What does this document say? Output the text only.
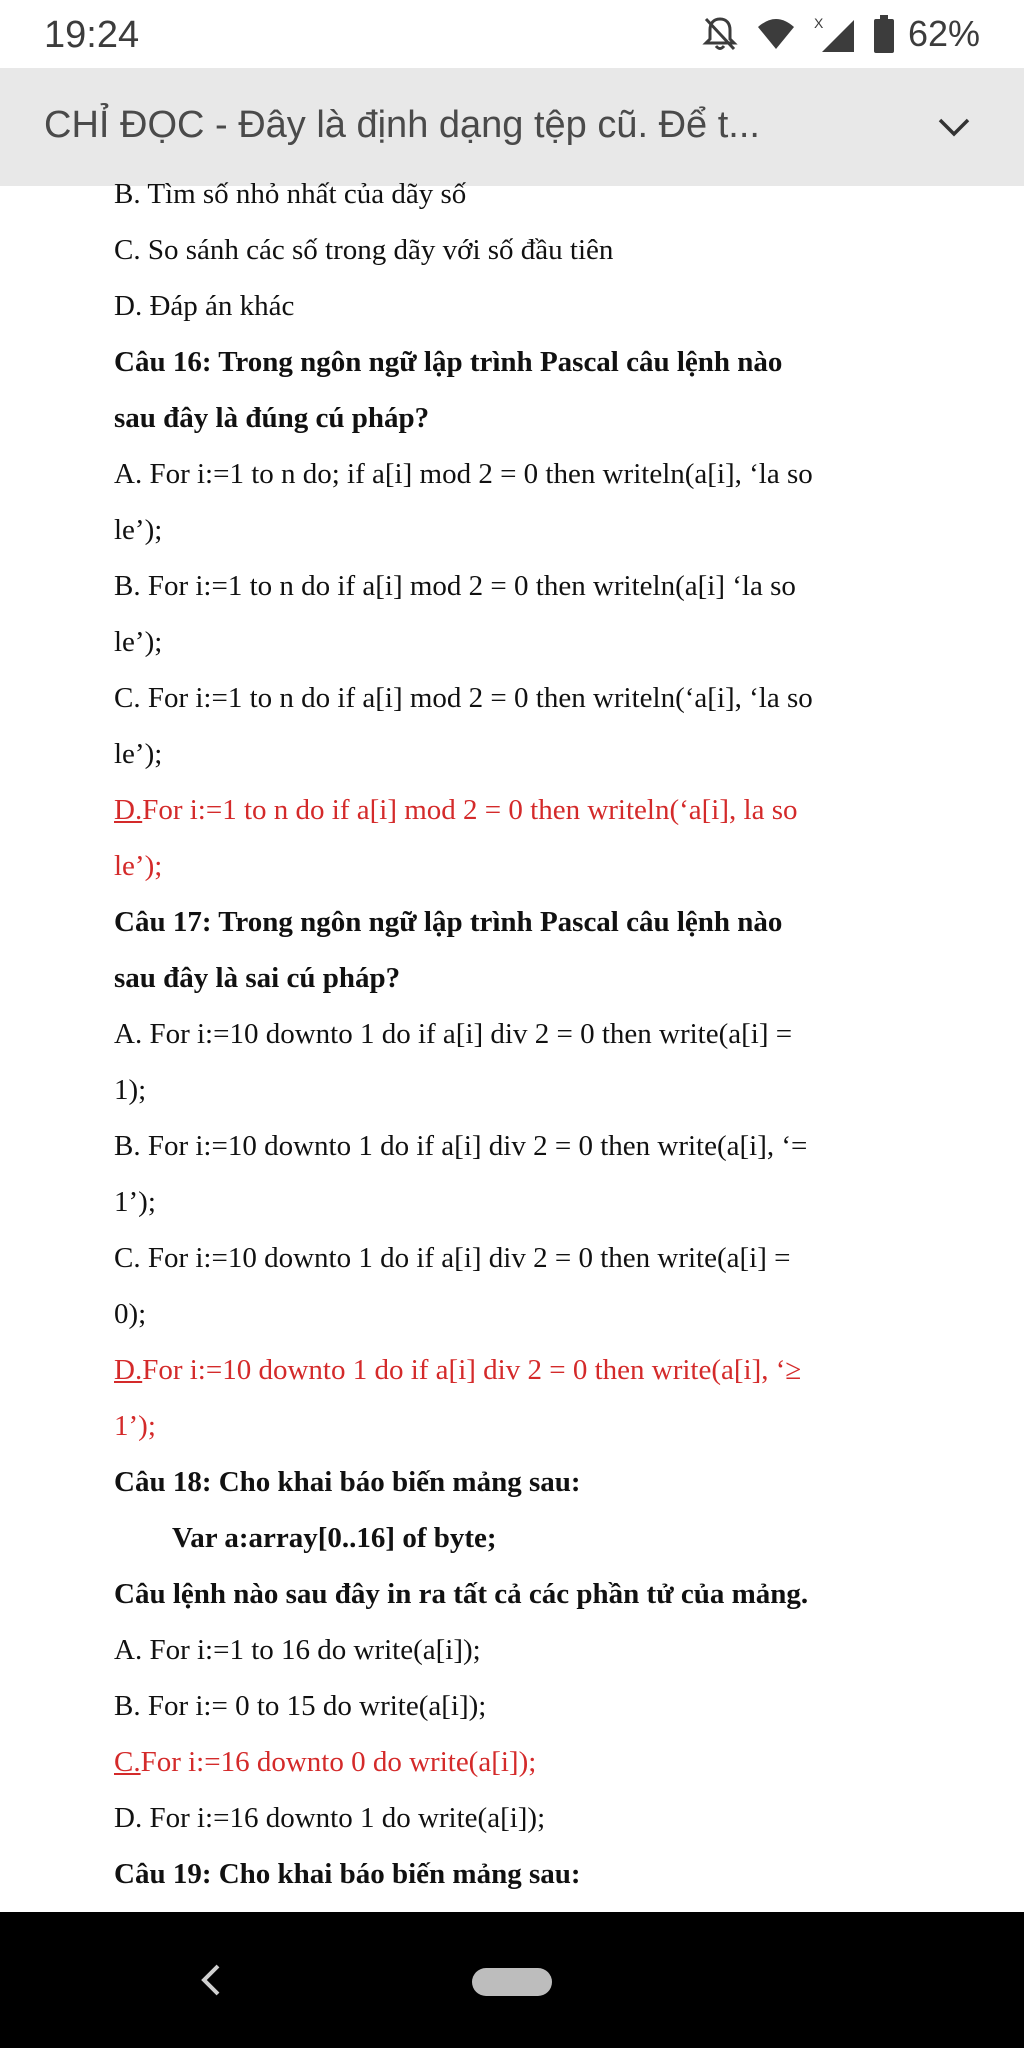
19:24	X 62%
CHỈ ĐỌC - Đây là định dạng tệp cũ. Để t...
B. Tìm số nhỏ nhất của dãy số
C. So sánh các số trong dãy với số đầu tiên
D. Đáp án khác
Câu 16: Trong ngôn ngữ lập trình Pascal câu lệnh nào
sau đây là đúng cú pháp?
A. For i:=1 to n do; if a[i] mod 2 = 0 then writeln(a[i], ‘la so
le’);
B. For i:=1 to n do if a[i] mod 2 = 0 then writeln(a[i] ‘la so
le’);
C. For i:=1 to n do if a[i] mod 2 = 0 then writeln(‘a[i], ‘la so
le’);
D.For i:=1 to n do if a[i] mod 2 = 0 then writeln(‘a[i], la so
le’);
Câu 17: Trong ngôn ngữ lập trình Pascal câu lệnh nào
sau đây là sai cú pháp?
A. For i:=10 downto 1 do if a[i] div 2 = 0 then write(a[i] =
1);
B. For i:=10 downto 1 do if a[i] div 2 = 0 then write(a[i], ‘=
1’);
C. For i:=10 downto 1 do if a[i] div 2 = 0 then write(a[i] =
0);
D.For i:=10 downto 1 do if a[i] div 2 = 0 then write(a[i], ‘≥
1’);
Câu 18: Cho khai báo biến mảng sau:
Var a:array[0..16] of byte;
Câu lệnh nào sau đây in ra tất cả các phần tử của mảng.
A. For i:=1 to 16 do write(a[i]);
B. For i:= 0 to 15 do write(a[i]);
C.For i:=16 downto 0 do write(a[i]);
D. For i:=16 downto 1 do write(a[i]);
Câu 19: Cho khai báo biến mảng sau:
